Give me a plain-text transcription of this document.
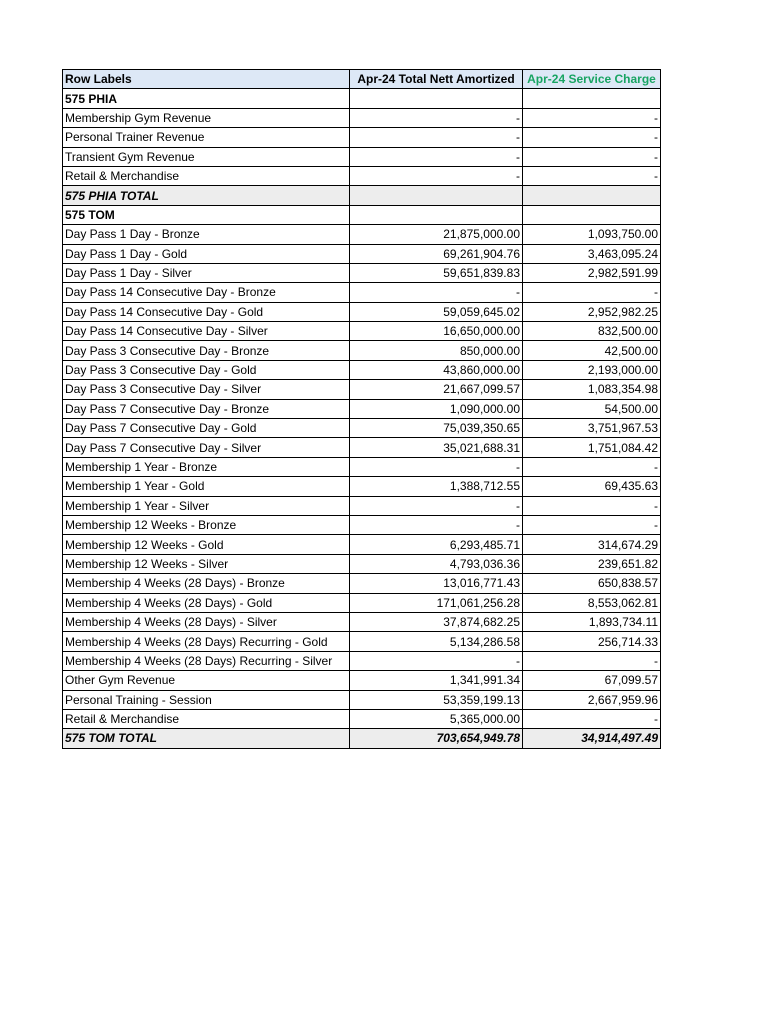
Row Labels	Apr-24 Total Nett Amortized	Apr-24 Service Charge
575 PHIA		
Membership Gym Revenue	-	-
Personal Trainer Revenue	-	-
Transient Gym Revenue	-	-
Retail & Merchandise	-	-
575 PHIA TOTAL		
575 TOM		
Day Pass 1 Day - Bronze	21,875,000.00	1,093,750.00
Day Pass 1 Day - Gold	69,261,904.76	3,463,095.24
Day Pass 1 Day - Silver	59,651,839.83	2,982,591.99
Day Pass 14 Consecutive Day - Bronze	-	-
Day Pass 14 Consecutive Day - Gold	59,059,645.02	2,952,982.25
Day Pass 14 Consecutive Day - Silver	16,650,000.00	832,500.00
Day Pass 3 Consecutive Day - Bronze	850,000.00	42,500.00
Day Pass 3 Consecutive Day - Gold	43,860,000.00	2,193,000.00
Day Pass 3 Consecutive Day - Silver	21,667,099.57	1,083,354.98
Day Pass 7 Consecutive Day - Bronze	1,090,000.00	54,500.00
Day Pass 7 Consecutive Day - Gold	75,039,350.65	3,751,967.53
Day Pass 7 Consecutive Day - Silver	35,021,688.31	1,751,084.42
Membership 1 Year - Bronze	-	-
Membership 1 Year - Gold	1,388,712.55	69,435.63
Membership 1 Year - Silver	-	-
Membership 12 Weeks - Bronze	-	-
Membership 12 Weeks - Gold	6,293,485.71	314,674.29
Membership 12 Weeks - Silver	4,793,036.36	239,651.82
Membership 4 Weeks (28 Days) - Bronze	13,016,771.43	650,838.57
Membership 4 Weeks (28 Days) - Gold	171,061,256.28	8,553,062.81
Membership 4 Weeks (28 Days) - Silver	37,874,682.25	1,893,734.11
Membership 4 Weeks (28 Days) Recurring - Gold	5,134,286.58	256,714.33
Membership 4 Weeks (28 Days) Recurring - Silver	-	-
Other Gym Revenue	1,341,991.34	67,099.57
Personal Training - Session	53,359,199.13	2,667,959.96
Retail & Merchandise	5,365,000.00	-
575 TOM TOTAL	703,654,949.78	34,914,497.49
